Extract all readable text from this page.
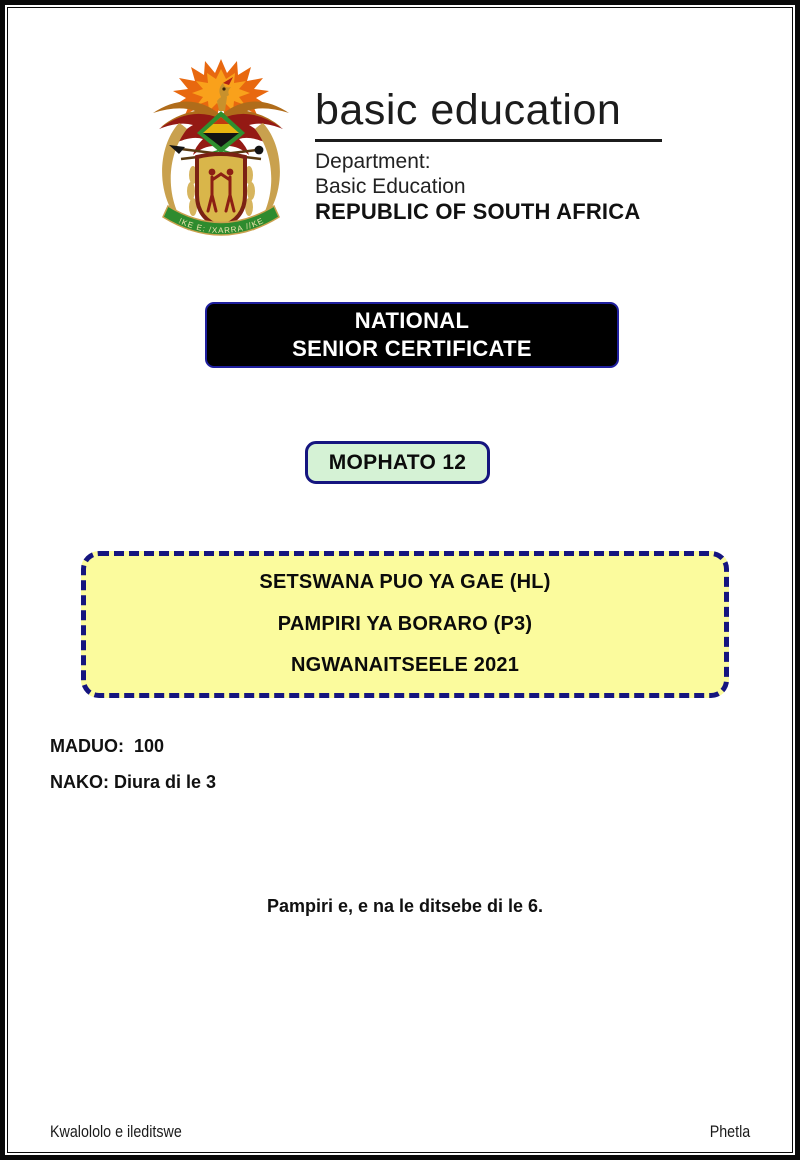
!KE E: /XARRA //KE
basic education
Department:
Basic Education
REPUBLIC OF SOUTH AFRICA
NATIONAL
SENIOR CERTIFICATE
MOPHATO 12
SETSWANA PUO YA GAE (HL)
PAMPIRI YA BORARO (P3)
NGWANAITSEELE 2021
MADUO:  100
NAKO: Diura di le 3
Pampiri e, e na le ditsebe di le 6.
Kwalololo e ileditswe	Phetla
